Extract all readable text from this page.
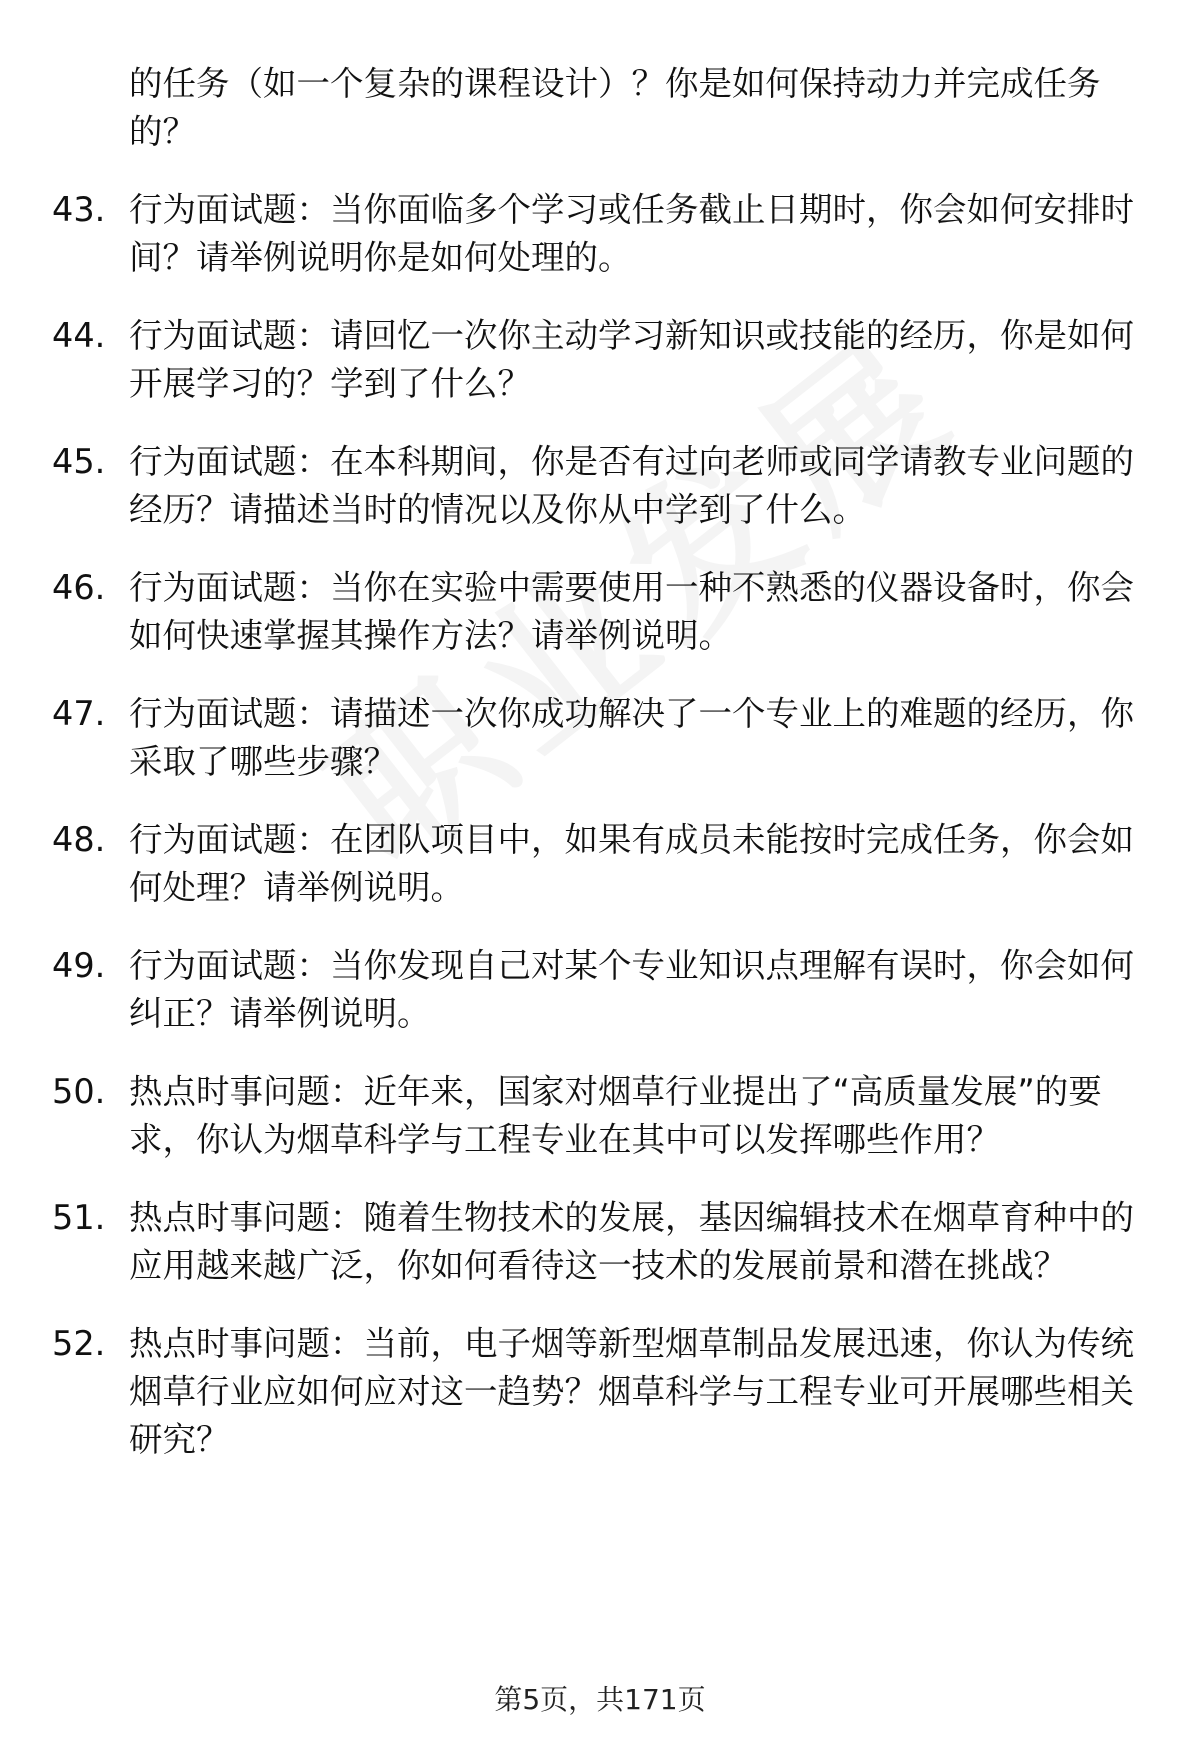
的任务（如一个复杂的课程设计）？你是如何保持动力并完成任务的？
43. 行为面试题：当你面临多个学习或任务截止日期时，你会如何安排时间？请举例说明你是如何处理的。
44. 行为面试题：请回忆一次你主动学习新知识或技能的经历，你是如何开展学习的？学到了什么？
45. 行为面试题：在本科期间，你是否有过向老师或同学请教专业问题的经历？请描述当时的情况以及你从中学到了什么。
46. 行为面试题：当你在实验中需要使用一种不熟悉的仪器设备时，你会如何快速掌握其操作方法？请举例说明。
47. 行为面试题：请描述一次你成功解决了一个专业上的难题的经历，你采取了哪些步骤？
48. 行为面试题：在团队项目中，如果有成员未能按时完成任务，你会如何处理？请举例说明。
49. 行为面试题：当你发现自己对某个专业知识点理解有误时，你会如何纠正？请举例说明。
50. 热点时事问题：近年来，国家对烟草行业提出了“高质量发展”的要求，你认为烟草科学与工程专业在其中可以发挥哪些作用？
51. 热点时事问题：随着生物技术的发展，基因编辑技术在烟草育种中的应用越来越广泛，你如何看待这一技术的发展前景和潜在挑战？
52. 热点时事问题：当前，电子烟等新型烟草制品发展迅速，你认为传统烟草行业应如何应对这一趋势？烟草科学与工程专业可开展哪些相关研究？
第5页，共171页
